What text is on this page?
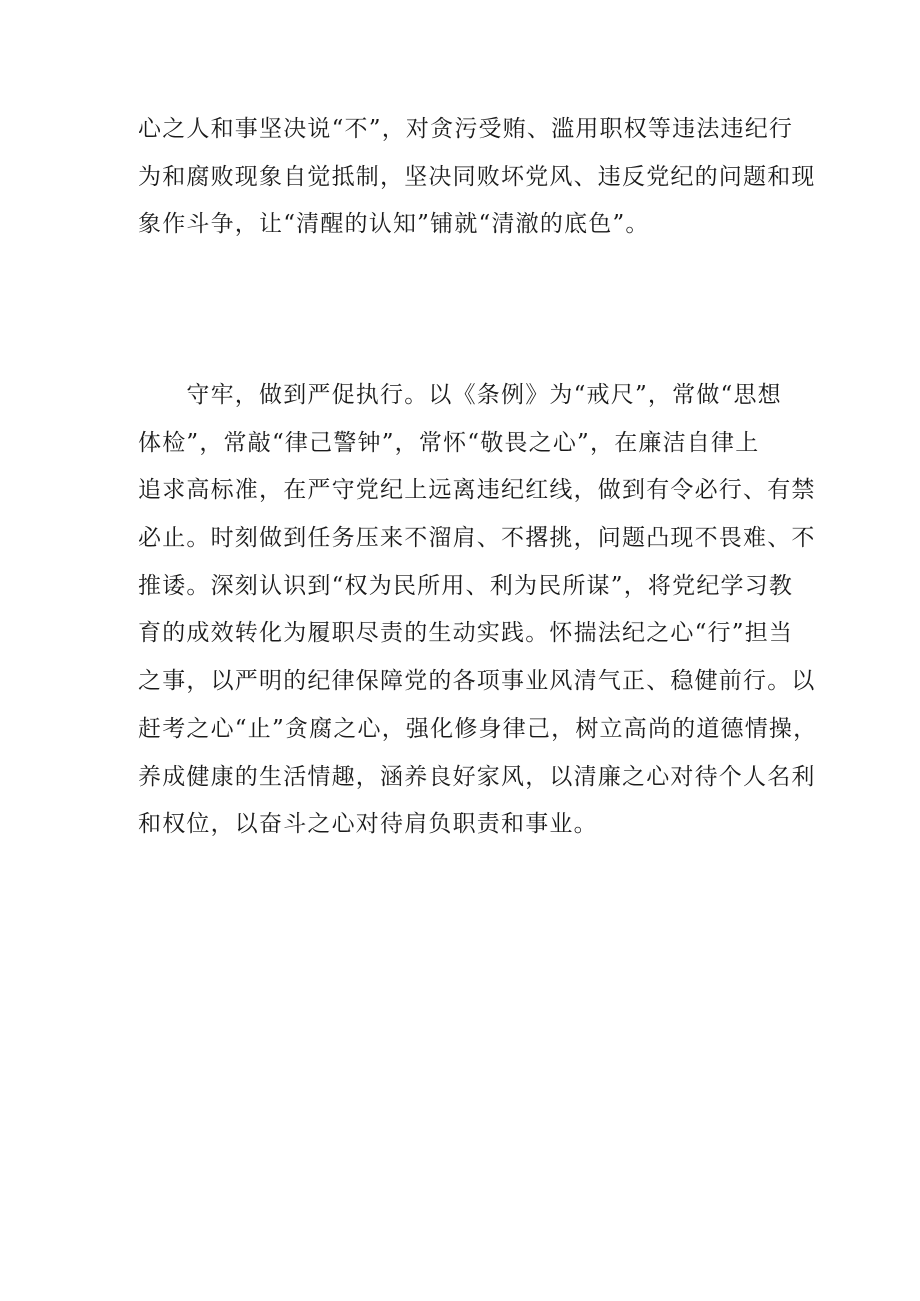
心之人和事坚决说“不”，对贪污受贿、滥用职权等违法违纪行
为和腐败现象自觉抵制，坚决同败坏党风、违反党纪的问题和现
象作斗争，让“清醒的认知”铺就“清澈的底色”。
　　守牢，做到严促执行。以《条例》为“戒尺”，常做“思想
体检”，常敲“律己警钟”，常怀“敬畏之心”，在廉洁自律上
追求高标准，在严守党纪上远离违纪红线，做到有令必行、有禁
必止。时刻做到任务压来不溜肩、不撂挑，问题凸现不畏难、不
推诿。深刻认识到“权为民所用、利为民所谋”，将党纪学习教
育的成效转化为履职尽责的生动实践。怀揣法纪之心“行”担当
之事，以严明的纪律保障党的各项事业风清气正、稳健前行。以
赶考之心“止”贪腐之心，强化修身律己，树立高尚的道德情操，
养成健康的生活情趣，涵养良好家风，以清廉之心对待个人名利
和权位，以奋斗之心对待肩负职责和事业。
